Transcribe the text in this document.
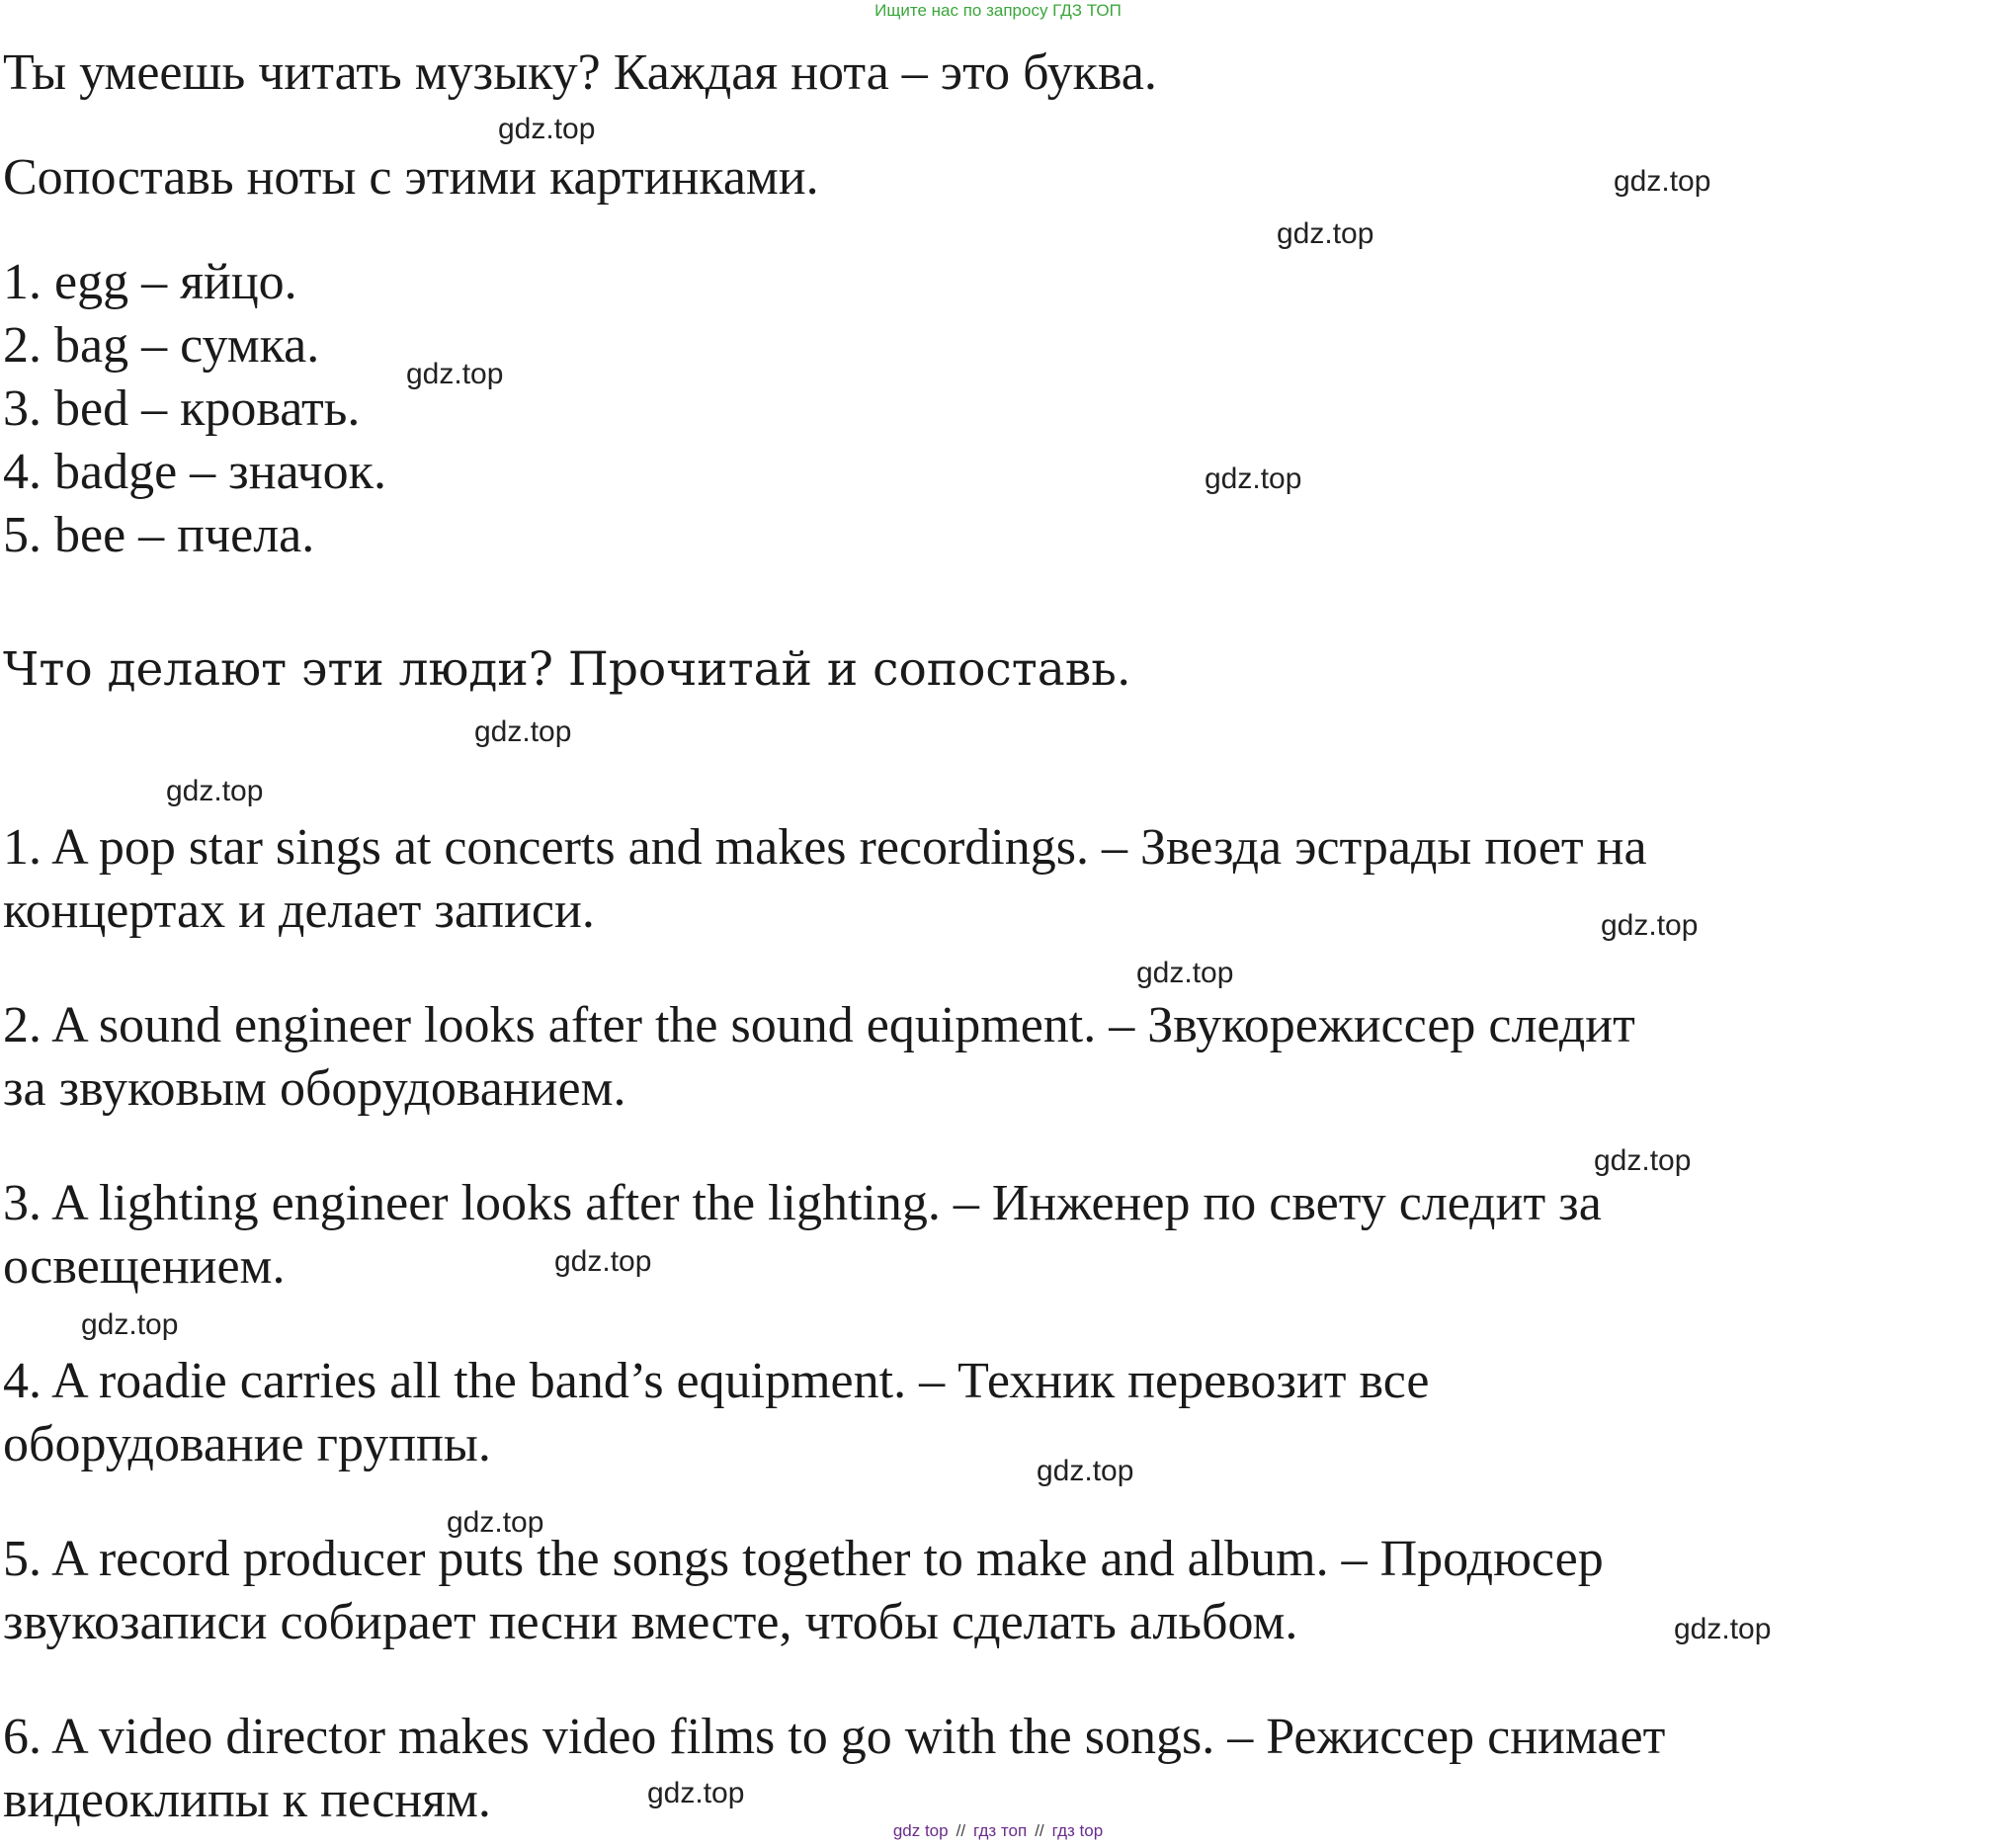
Ищите нас по запросу ГДЗ ТОП
Ты умеешь читать музыку? Каждая нота – это буква.
Сопоставь ноты с этими картинками.
1. egg – яйцо.
2. bag – сумка.
3. bed – кровать.
4. badge – значок.
5. bee – пчела.
Что делают эти люди? Прочитай и сопоставь.
1. A pop star sings at concerts and makes recordings. – Звезда эстрады поет на
концертах и делает записи.
2. A sound engineer looks after the sound equipment. – Звукорежиссер следит
за звуковым оборудованием.
3. A lighting engineer looks after the lighting. – Инженер по свету следит за
освещением.
4. A roadie carries all the band’s equipment. – Техник перевозит все
оборудование группы.
5. A record producer puts the songs together to make and album. – Продюсер
звукозаписи собирает песни вместе, чтобы сделать альбом.
6. A video director makes video films to go with the songs. – Режиссер снимает
видеоклипы к песням.
gdz.top
gdz.top
gdz.top
gdz.top
gdz.top
gdz.top
gdz.top
gdz.top
gdz.top
gdz.top
gdz.top
gdz.top
gdz.top
gdz.top
gdz.top
gdz.top
gdz top // гдз топ // гдз top
